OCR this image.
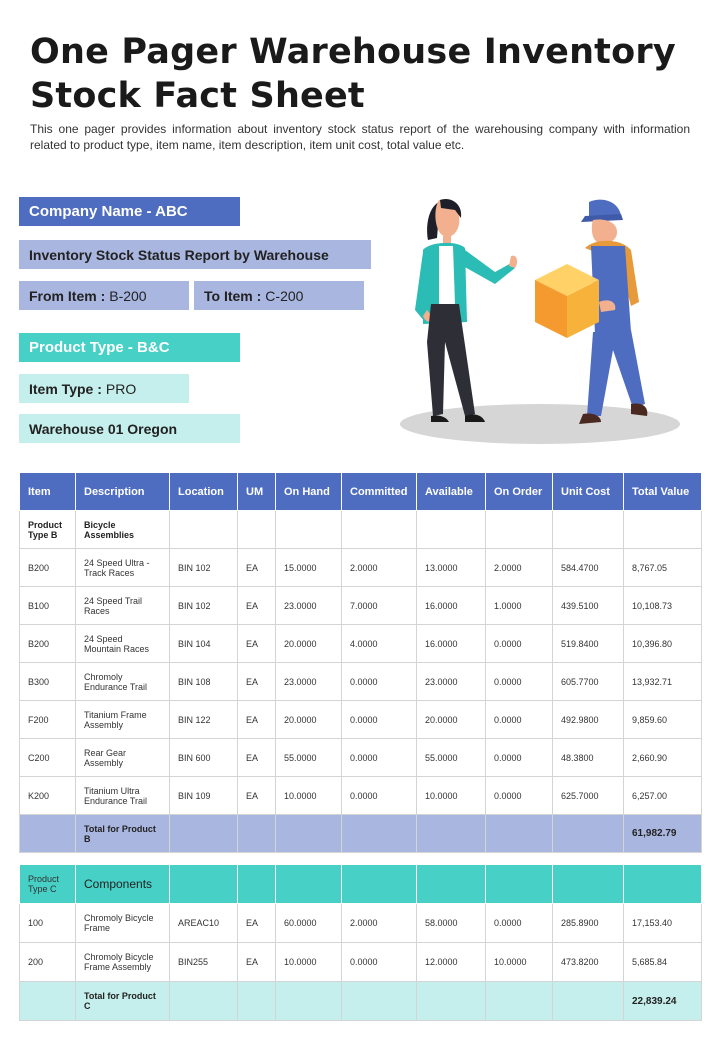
One Pager Warehouse Inventory Stock Fact Sheet
This one pager provides information about inventory stock status report of the warehousing company with information related to product type, item name, item description, item unit cost, total value etc.
Company Name - ABC
Inventory Stock Status Report by Warehouse
From Item : B-200	To Item : C-200
Product Type - B&C
Item Type : PRO
Warehouse 01 Oregon
Item	Description	Location	UM	On Hand	Committed	Available	On Order	Unit Cost	Total Value
Product Type B	Bicycle Assemblies								
B200	24 Speed Ultra - Track Races	BIN 102	EA	15.0000	2.0000	13.0000	2.0000	584.4700	8,767.05
B100	24 Speed Trail Races	BIN 102	EA	23.0000	7.0000	16.0000	1.0000	439.5100	10,108.73
B200	24 Speed Mountain Races	BIN 104	EA	20.0000	4.0000	16.0000	0.0000	519.8400	10,396.80
B300	Chromoly Endurance Trail	BIN 108	EA	23.0000	0.0000	23.0000	0.0000	605.7700	13,932.71
F200	Titanium Frame Assembly	BIN 122	EA	20.0000	0.0000	20.0000	0.0000	492.9800	9,859.60
C200	Rear Gear Assembly	BIN 600	EA	55.0000	0.0000	55.0000	0.0000	48.3800	2,660.90
K200	Titanium Ultra Endurance Trail	BIN 109	EA	10.0000	0.0000	10.0000	0.0000	625.7000	6,257.00
	Total for Product B								61,982.79
Product Type C	Components								
100	Chromoly Bicycle Frame	AREAC10	EA	60.0000	2.0000	58.0000	0.0000	285.8900	17,153.40
200	Chromoly Bicycle Frame Assembly	BIN255	EA	10.0000	0.0000	12.0000	10.0000	473.8200	5,685.84
	Total for Product C								22,839.24
